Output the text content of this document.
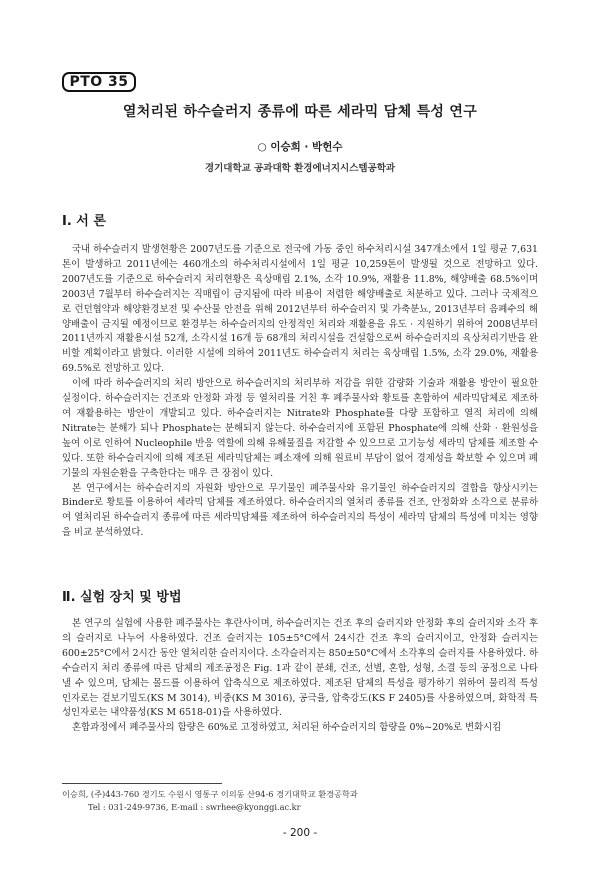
PTO 35
열처리된 하수슬러지 종류에 따른 세라믹 담체 특성 연구
○ 이승희 · 박헌수
경기대학교 공과대학 환경에너지시스템공학과
Ⅰ. 서 론

국내 하수슬러지 발생현황은 2007년도를 기준으로 전국에 가동 중인 하수처리시설 347개소에서 1일 평균 7,631톤이 발생하고 2011년에는 460개소의 하수처리시설에서 1일 평균 10,259톤이 발생될 것으로 전망하고 있다. 2007년도를 기준으로 하수슬러지 처리현황은 육상매립 2.1%, 소각 10.9%, 재활용 11.8%, 해양배출 68.5%이며 2003년 7월부터 하수슬러지는 직매립이 금지됨에 따라 비용이 저렴한 해양배출로 처분하고 있다. 그러나 국제적으로 런던협약과 해양환경보전 및 수산물 안전을 위해 2012년부터 하수슬러지 및 가축분뇨, 2013년부터 음폐수의 해양배출이 금지될 예정이므로 환경부는 하수슬러지의 안정적인 처리와 재활용을 유도 · 지원하기 위하여 2008년부터 2011년까지 재활용시설 52개, 소각시설 16개 등 68개의 처리시설을 건설함으로써 하수슬러지의 육상처리기반을 완비할 계획이라고 밝혔다. 이러한 시설에 의하여 2011년도 하수슬러지 처리는 육상매립 1.5%, 소각 29.0%, 재활용 69.5%로 전망하고 있다.

이에 따라 하수슬러지의 처리 방안으로 하수슬러지의 처리부하 저감을 위한 감량화 기술과 재활용 방안이 필요한 실정이다. 하수슬러지는 건조와 안정화 과정 등 열처리를 거친 후 폐주물사와 황토를 혼합하여 세라믹담체로 제조하여 재활용하는 방안이 개발되고 있다. 하수슬러지는 Nitrate와 Phosphate를 다량 포함하고 열적 처리에 의해 Nitrate는 분해가 되나 Phosphate는 분해되지 않는다. 하수슬러지에 포함된 Phosphate에 의해 산화 · 환원성을 높여 이로 인하여 Nucleophile 반응 역할에 의해 유해물질을 저감할 수 있으므로 고기능성 세라믹 담체를 제조할 수 있다. 또한 하수슬러지에 의해 제조된 세라믹담체는 폐소재에 의해 원료비 부담이 없어 경제성을 확보할 수 있으며 폐기물의 자원순환을 구축한다는 매우 큰 장점이 있다.

본 연구에서는 하수슬러지의 자원화 방안으로 무기물인 폐주물사와 유기물인 하수슬러지의 결합을 향상시키는 Binder로 황토를 이용하여 세라믹 담체를 제조하였다. 하수슬러지의 열처리 종류를 건조, 안정화와 소각으로 분류하여 열처리된 하수슬러지 종류에 따른 세라믹담체를 제조하여 하수슬러지의 특성이 세라믹 담체의 특성에 미치는 영향을 비교 분석하였다.

Ⅱ. 실험 장치 및 방법

본 연구의 실험에 사용한 폐주물사는 후란사이며, 하수슬러지는 건조 후의 슬러지와 안정화 후의 슬러지와 소각 후의 슬러지로 나누어 사용하였다. 건조 슬러지는 105±5°C에서 24시간 건조 후의 슬러지이고, 안정화 슬러지는 600±25°C에서 2시간 동안 열처리한 슬러지이다. 소각슬러지는 850±50°C에서 소각후의 슬러지를 사용하였다. 하수슬러지 처리 종류에 따른 담체의 제조공정은 Fig. 1과 같이 분쇄, 건조, 선별, 혼합, 성형, 소결 등의 공정으로 나타낼 수 있으며, 담체는 몰드를 이용하여 압축식으로 제조하였다. 제조된 담체의 특성을 평가하기 위하여 물리적 특성 인자로는 겉보기밀도(KS M 3014), 비중(KS M 3016), 공극율, 압축강도(KS F 2405)를 사용하였으며, 화학적 특성인자로는 내약품성(KS M 6518-01)을 사용하였다.

혼합과정에서 폐주물사의 함량은 60%로 고정하였고, 처리된 하수슬러지의 함량을 0%~20%로 변화시킴

이승희, (주)443-760 경기도 수원시 영통구 이의동 산94-6 경기대학교 환경공학과
Tel : 031-249-9736, E-mail : swrhee@kyonggi.ac.kr
- 200 -
